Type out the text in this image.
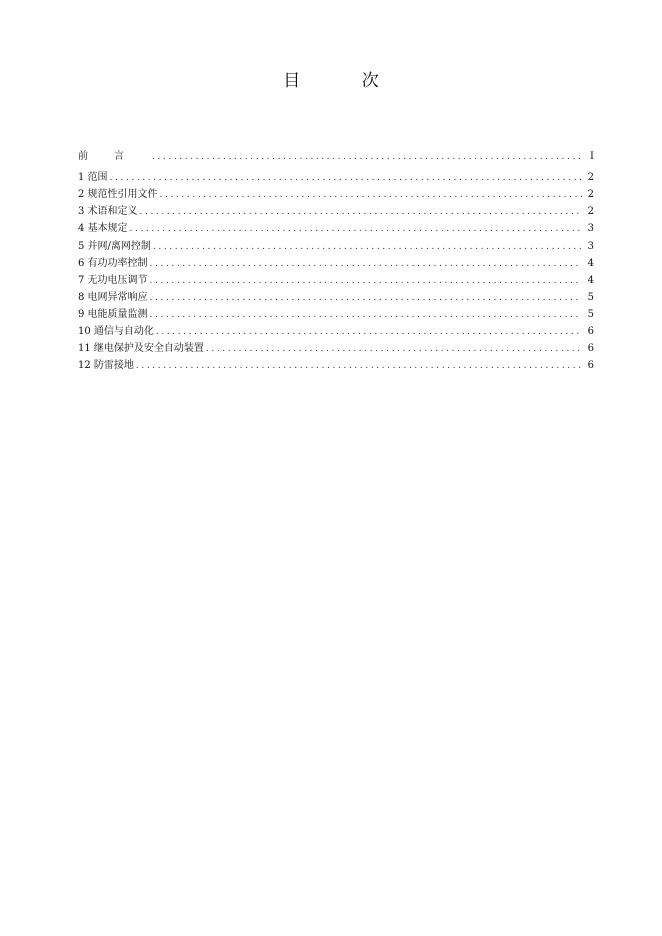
目 次
前言 .....	I
1 范围 .....	2
2 规范性引用文件 .....	2
3 术语和定义 .....	2
4 基本规定 .....	3
5 并网/离网控制 .....	3
6 有功功率控制 .....	4
7 无功电压调节 .....	4
8 电网异常响应 .....	5
9 电能质量监测 .....	5
10 通信与自动化 .....	6
11 继电保护及安全自动装置 .....	6
12 防雷接地 .....	6
